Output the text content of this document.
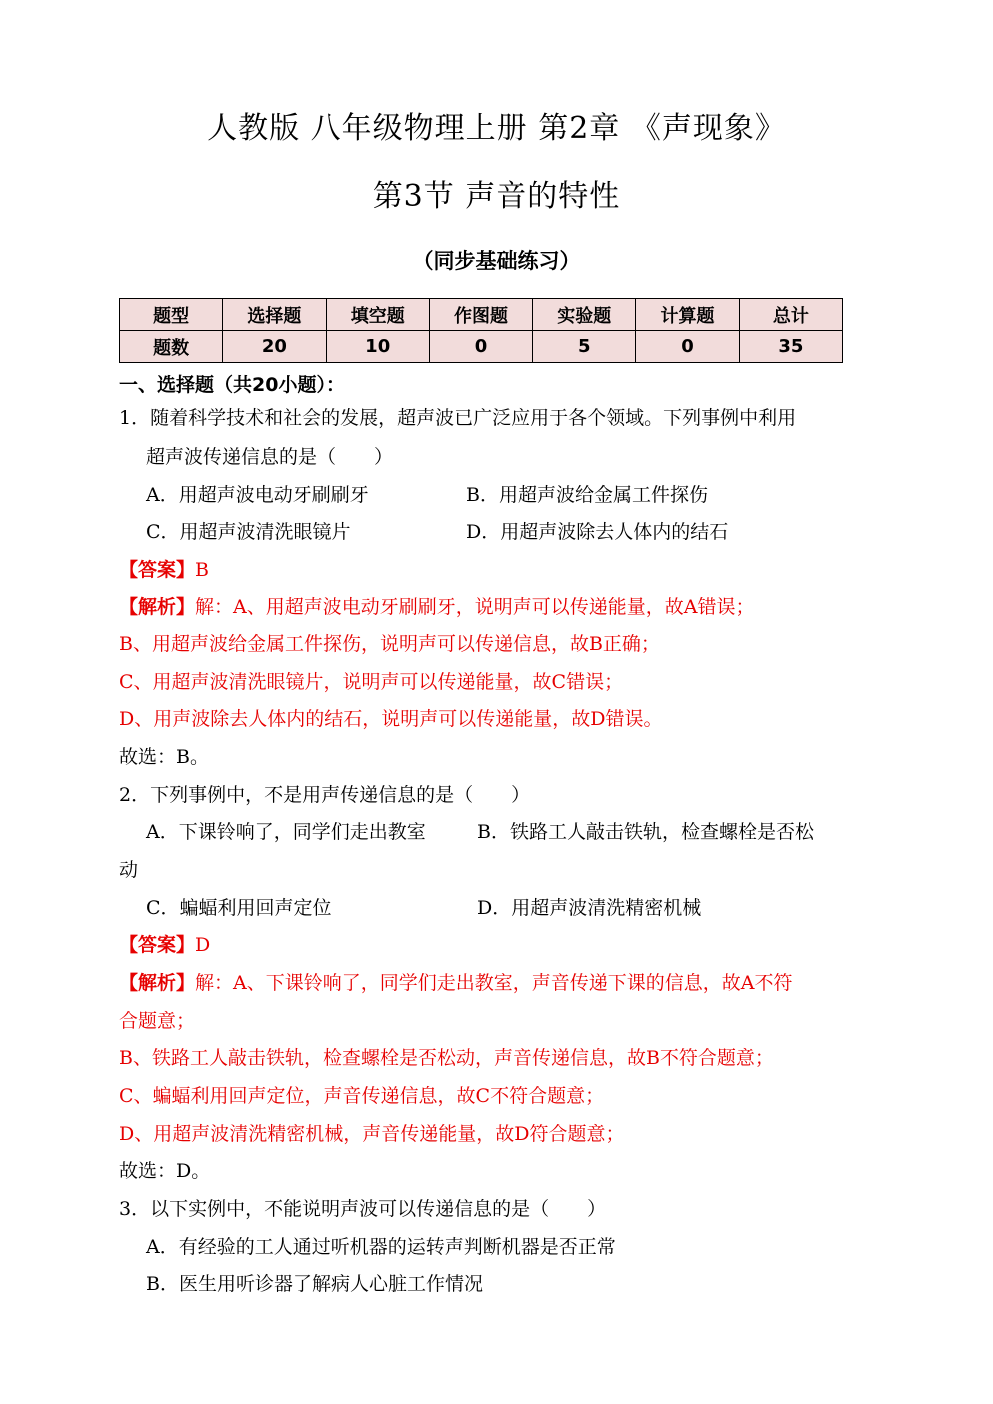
人教版 八年级物理上册 第2章 《声现象》
第3节 声音的特性
（同步基础练习）
题型	选择题	填空题	作图题	实验题	计算题	总计
题数	20	10	0	5	0	35
一、选择题（共20小题）：
1．随着科学技术和社会的发展，超声波已广泛应用于各个领域。下列事例中利用
超声波传递信息的是（　　）
A．用超声波电动牙刷刷牙	B．用超声波给金属工件探伤
C．用超声波清洗眼镜片	D．用超声波除去人体内的结石
【答案】B
【解析】解：A、用超声波电动牙刷刷牙，说明声可以传递能量，故A错误；
B、用超声波给金属工件探伤，说明声可以传递信息，故B正确；
C、用超声波清洗眼镜片，说明声可以传递能量，故C错误；
D、用声波除去人体内的结石，说明声可以传递能量，故D错误。
故选：B。
2．下列事例中，不是用声传递信息的是（　　）
A．下课铃响了，同学们走出教室	B．铁路工人敲击铁轨，检查螺栓是否松
动
C．蝙蝠利用回声定位	D．用超声波清洗精密机械
【答案】D
【解析】解：A、下课铃响了，同学们走出教室，声音传递下课的信息，故A不符
合题意；
B、铁路工人敲击铁轨，检查螺栓是否松动，声音传递信息，故B不符合题意；
C、蝙蝠利用回声定位，声音传递信息，故C不符合题意；
D、用超声波清洗精密机械，声音传递能量，故D符合题意；
故选：D。
3．以下实例中，不能说明声波可以传递信息的是（　　）
A．有经验的工人通过听机器的运转声判断机器是否正常
B．医生用听诊器了解病人心脏工作情况
